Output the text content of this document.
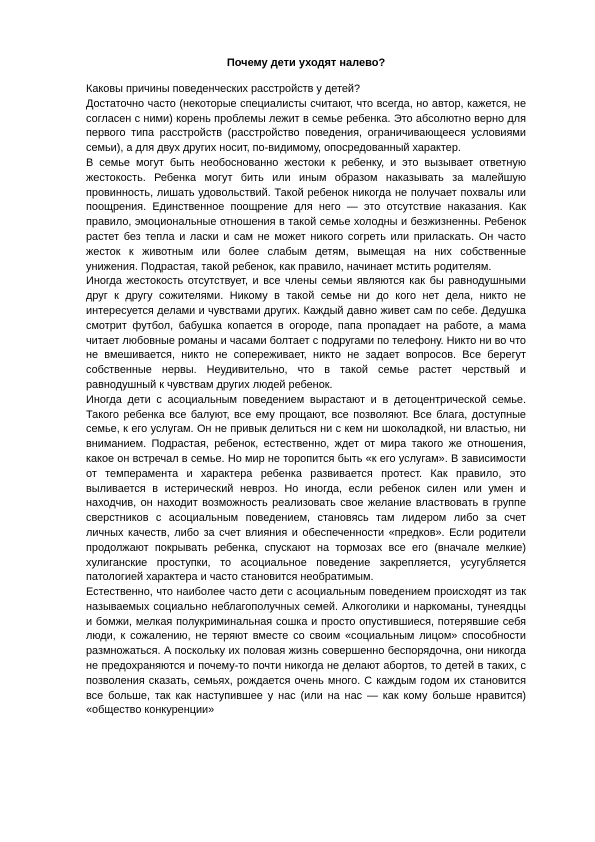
Почему дети уходят налево?

Каковы причины поведенческих расстройств у детей?

Достаточно часто (некоторые специалисты считают, что всегда, но автор, кажется, не согласен с ними) корень проблемы лежит в семье ребенка. Это абсолютно верно для первого типа расстройств (расстройство поведения, ограничивающееся условиями семьи), а для двух других носит, по-видимому, опосредованный характер.

В семье могут быть необоснованно жестоки к ребенку, и это вызывает ответную жестокость. Ребенка могут бить или иным образом наказывать за малейшую провинность, лишать удовольствий. Такой ребенок никогда не получает похвалы или поощрения. Единственное поощрение для него — это отсутствие наказания. Как правило, эмоциональные отношения в такой семье холодны и безжизненны. Ребенок растет без тепла и ласки и сам не может никого согреть или приласкать. Он часто жесток к животным или более слабым детям, вымещая на них собственные унижения. Подрастая, такой ребенок, как правило, начинает мстить родителям.

Иногда жестокость отсутствует, и все члены семьи являются как бы равнодушными друг к другу сожителями. Никому в такой семье ни до кого нет дела, никто не интересуется делами и чувствами других. Каждый давно живет сам по себе. Дедушка смотрит футбол, бабушка копается в огороде, папа пропадает на работе, а мама читает любовные романы и часами болтает с подругами по телефону. Никто ни во что не вмешивается, никто не сопереживает, никто не задает вопросов. Все берегут собственные нервы. Неудивительно, что в такой семье растет черствый и равнодушный к чувствам других людей ребенок.

Иногда дети с асоциальным поведением вырастают и в детоцентрической семье. Такого ребенка все балуют, все ему прощают, все позволяют. Все блага, доступные семье, к его услугам. Он не привык делиться ни с кем ни шоколадкой, ни властью, ни вниманием. Подрастая, ребенок, естественно, ждет от мира такого же отношения, какое он встречал в семье. Но мир не торопится быть «к его услугам». В зависимости от темперамента и характера ребенка развивается протест. Как правило, это выливается в истерический невроз. Но иногда, если ребенок силен или умен и находчив, он находит возможность реализовать свое желание властвовать в группе сверстников с асоциальным поведением, становясь там лидером либо за счет личных качеств, либо за счет влияния и обеспеченности «предков». Если родители продолжают покрывать ребенка, спускают на тормозах все его (вначале мелкие) хулиганские проступки, то асоциальное поведение закрепляется, усугубляется патологией характера и часто становится необратимым.

Естественно, что наиболее часто дети с асоциальным поведением происходят из так называемых социально неблагополучных семей. Алкоголики и наркоманы, тунеядцы и бомжи, мелкая полукриминальная сошка и просто опустившиеся, потерявшие себя люди, к сожалению, не теряют вместе со своим «социальным лицом» способности размножаться. А поскольку их половая жизнь совершенно беспорядочна, они никогда не предохраняются и почему-то почти никогда не делают абортов, то детей в таких, с позволения сказать, семьях, рождается очень много. С каждым годом их становится все больше, так как наступившее у нас (или на нас — как кому больше нравится) «общество конкуренции»
